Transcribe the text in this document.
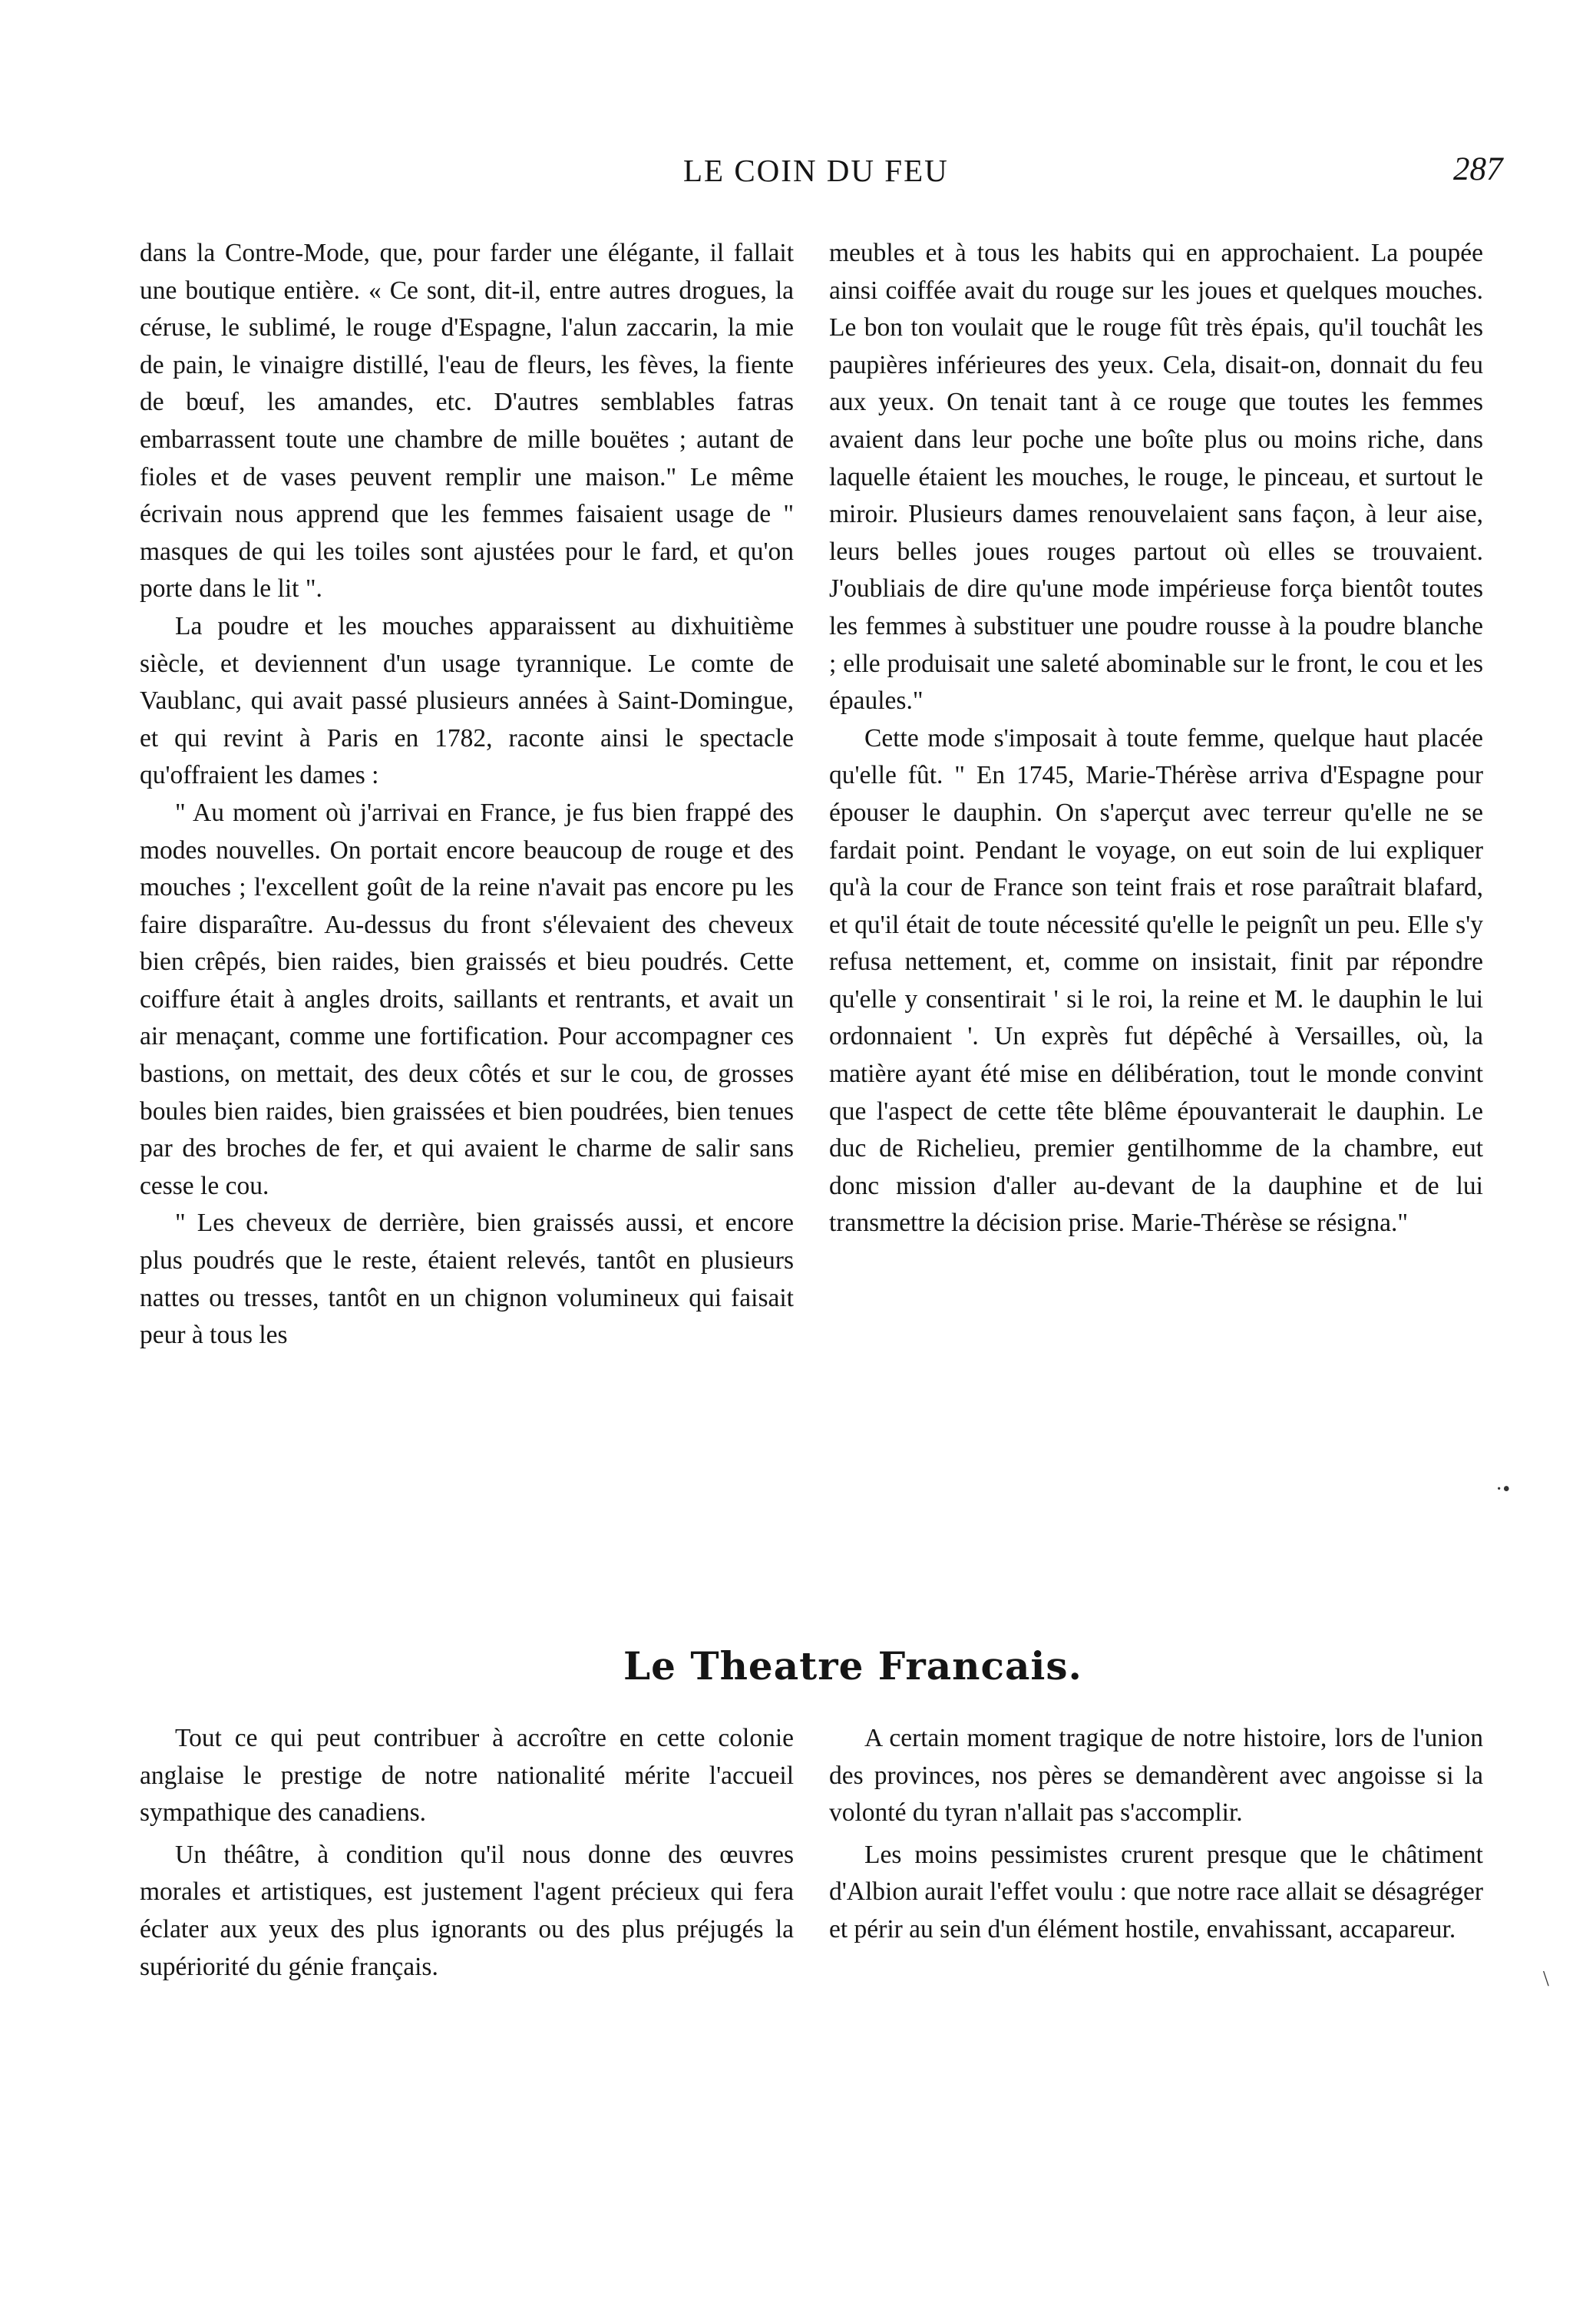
LE COIN DU FEU	287

dans la Contre-Mode, que, pour farder une élégante, il fallait une boutique entière. « Ce sont, dit-il, entre autres drogues, la céruse, le sublimé, le rouge d'Espagne, l'alun zaccarin, la mie de pain, le vinaigre distillé, l'eau de fleurs, les fèves, la fiente de bœuf, les amandes, etc. D'autres semblables fatras embarrassent toute une chambre de mille bouëtes ; autant de fioles et de vases peuvent remplir une maison." Le même écrivain nous apprend que les femmes faisaient usage de " masques de qui les toiles sont ajustées pour le fard, et qu'on porte dans le lit ".

La poudre et les mouches apparaissent au dixhuitième siècle, et deviennent d'un usage tyrannique. Le comte de Vaublanc, qui avait passé plusieurs années à Saint-Domingue, et qui revint à Paris en 1782, raconte ainsi le spectacle qu'offraient les dames :

" Au moment où j'arrivai en France, je fus bien frappé des modes nouvelles. On portait encore beaucoup de rouge et des mouches ; l'excellent goût de la reine n'avait pas encore pu les faire disparaître. Au-dessus du front s'élevaient des cheveux bien crêpés, bien raides, bien graissés et bieu poudrés. Cette coiffure était à angles droits, saillants et rentrants, et avait un air menaçant, comme une fortification. Pour accompagner ces bastions, on mettait, des deux côtés et sur le cou, de grosses boules bien raides, bien graissées et bien poudrées, bien tenues par des broches de fer, et qui avaient le charme de salir sans cesse le cou.

" Les cheveux de derrière, bien graissés aussi, et encore plus poudrés que le reste, étaient relevés, tantôt en plusieurs nattes ou tresses, tantôt en un chignon volumineux qui faisait peur à tous les

meubles et à tous les habits qui en approchaient. La poupée ainsi coiffée avait du rouge sur les joues et quelques mouches. Le bon ton voulait que le rouge fût très épais, qu'il touchât les paupières inférieures des yeux. Cela, disait-on, donnait du feu aux yeux. On tenait tant à ce rouge que toutes les femmes avaient dans leur poche une boîte plus ou moins riche, dans laquelle étaient les mouches, le rouge, le pinceau, et surtout le miroir. Plusieurs dames renouvelaient sans façon, à leur aise, leurs belles joues rouges partout où elles se trouvaient. J'oubliais de dire qu'une mode impérieuse força bientôt toutes les femmes à substituer une poudre rousse à la poudre blanche ; elle produisait une saleté abominable sur le front, le cou et les épaules."

Cette mode s'imposait à toute femme, quelque haut placée qu'elle fût. " En 1745, Marie-Thérèse arriva d'Espagne pour épouser le dauphin. On s'aperçut avec terreur qu'elle ne se fardait point. Pendant le voyage, on eut soin de lui expliquer qu'à la cour de France son teint frais et rose paraîtrait blafard, et qu'il était de toute nécessité qu'elle le peignît un peu. Elle s'y refusa nettement, et, comme on insistait, finit par répondre qu'elle y consentirait ' si le roi, la reine et M. le dauphin le lui ordonnaient '. Un exprès fut dépêché à Versailles, où, la matière ayant été mise en délibération, tout le monde convint que l'aspect de cette tête blême épouvanterait le dauphin. Le duc de Richelieu, premier gentilhomme de la chambre, eut donc mission d'aller au-devant de la dauphine et de lui transmettre la décision prise. Marie-Thérèse se résigna."

Le Theatre Francais.

Tout ce qui peut contribuer à accroître en cette colonie anglaise le prestige de notre nationalité mérite l'accueil sympathique des canadiens.

Un théâtre, à condition qu'il nous donne des œuvres morales et artistiques, est justement l'agent précieux qui fera éclater aux yeux des plus ignorants ou des plus préjugés la supériorité du génie français.

A certain moment tragique de notre histoire, lors de l'union des provinces, nos pères se demandèrent avec angoisse si la volonté du tyran n'allait pas s'accomplir.

Les moins pessimistes crurent presque que le châtiment d'Albion aurait l'effet voulu : que notre race allait se désagréger et périr au sein d'un élément hostile, envahissant, accapareur.

·•
\
